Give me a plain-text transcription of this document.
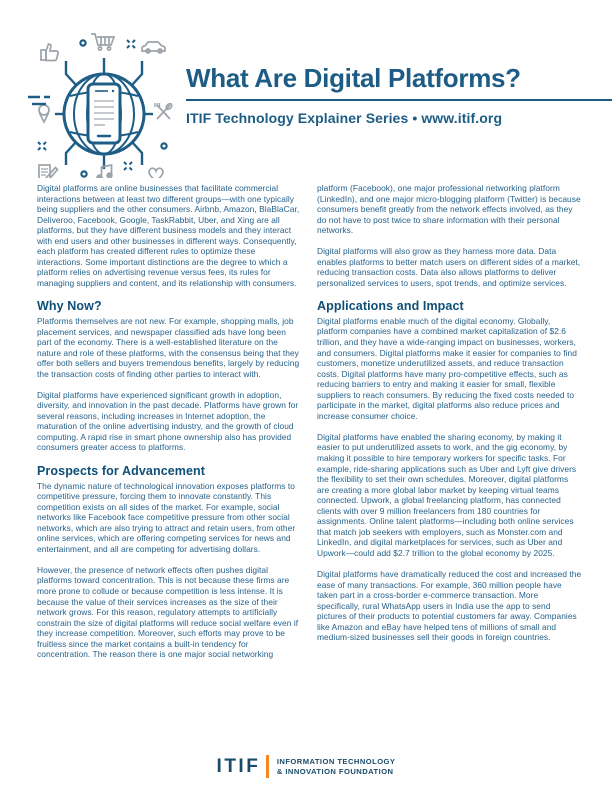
What Are Digital Platforms?
ITIF Technology Explainer Series • www.itif.org

Digital platforms are online businesses that facilitate commercial interactions between at least two different groups—with one typically being suppliers and the other consumers. Airbnb, Amazon, BlaBlaCar, Deliveroo, Facebook, Google, TaskRabbit, Uber, and Xing are all platforms, but they have different business models and they interact with end users and other businesses in different ways. Consequently, each platform has created different rules to optimize these interactions. Some important distinctions are the degree to which a platform relies on advertising revenue versus fees, its rules for managing suppliers and content, and its relationship with consumers.

Why Now?

Platforms themselves are not new. For example, shopping malls, job placement services, and newspaper classified ads have long been part of the economy. There is a well-established literature on the nature and role of these platforms, with the consensus being that they offer both sellers and buyers tremendous benefits, largely by reducing the transaction costs of finding other parties to interact with.

Digital platforms have experienced significant growth in adoption, diversity, and innovation in the past decade. Platforms have grown for several reasons, including increases in Internet adoption, the maturation of the online advertising industry, and the growth of cloud computing. A rapid rise in smart phone ownership also has provided consumers greater access to platforms.

Prospects for Advancement

The dynamic nature of technological innovation exposes platforms to competitive pressure, forcing them to innovate constantly. This competition exists on all sides of the market. For example, social networks like Facebook face competitive pressure from other social networks, which are also trying to attract and retain users, from other online services, which are offering competing services for news and entertainment, and all are competing for advertising dollars.

However, the presence of network effects often pushes digital platforms toward concentration. This is not because these firms are more prone to collude or because competition is less intense. It is because the value of their services increases as the size of their network grows. For this reason, regulatory attempts to artificially constrain the size of digital platforms will reduce social welfare even if they increase competition. Moreover, such efforts may prove to be fruitless since the market contains a built-in tendency for concentration. The reason there is one major social networking

platform (Facebook), one major professional networking platform (LinkedIn), and one major micro-blogging platform (Twitter) is because consumers benefit greatly from the network effects involved, as they do not have to post twice to share information with their personal networks.

Digital platforms will also grow as they harness more data. Data enables platforms to better match users on different sides of a market, reducing transaction costs. Data also allows platforms to deliver personalized services to users, spot trends, and optimize services.

Applications and Impact

Digital platforms enable much of the digital economy. Globally, platform companies have a combined market capitalization of $2.6 trillion, and they have a wide-ranging impact on businesses, workers, and consumers. Digital platforms make it easier for companies to find customers, monetize underutilized assets, and reduce transaction costs. Digital platforms have many pro-competitive effects, such as reducing barriers to entry and making it easier for small, flexible suppliers to reach consumers. By reducing the fixed costs needed to participate in the market, digital platforms also reduce prices and increase consumer choice.

Digital platforms have enabled the sharing economy, by making it easier to put underutilized assets to work, and the gig economy, by making it possible to hire temporary workers for specific tasks. For example, ride-sharing applications such as Uber and Lyft give drivers the flexibility to set their own schedules. Moreover, digital platforms are creating a more global labor market by keeping virtual teams connected. Upwork, a global freelancing platform, has connected clients with over 9 million freelancers from 180 countries for assignments. Online talent platforms—including both online services that match job seekers with employers, such as Monster.com and LinkedIn, and digital marketplaces for services, such as Uber and Upwork—could add $2.7 trillion to the global economy by 2025.

Digital platforms have dramatically reduced the cost and increased the ease of many transactions. For example, 360 million people have taken part in a cross-border e-commerce transaction. More specifically, rural WhatsApp users in India use the app to send pictures of their products to potential customers far away. Companies like Amazon and eBay have helped tens of millions of small and medium-sized businesses sell their goods in foreign countries.

ITIF INFORMATION TECHNOLOGY
& INNOVATION FOUNDATION
